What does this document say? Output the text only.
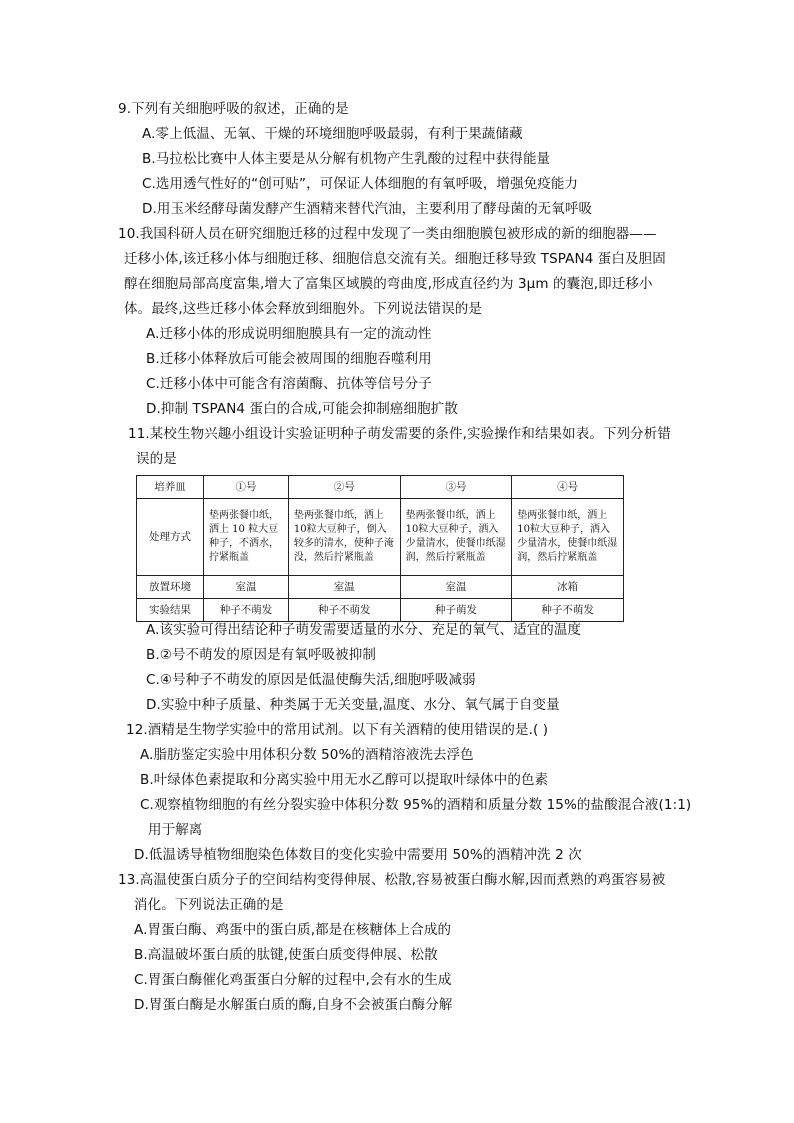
9.下列有关细胞呼吸的叙述，正确的是
A.零上低温、无氧、干燥的环境细胞呼吸最弱，有利于果蔬储藏
B.马拉松比赛中人体主要是从分解有机物产生乳酸的过程中获得能量
C.选用透气性好的“创可贴”，可保证人体细胞的有氧呼吸，增强免疫能力
D.用玉米经酵母菌发酵产生酒精来替代汽油，主要利用了酵母菌的无氧呼吸
10.我国科研人员在研究细胞迁移的过程中发现了一类由细胞膜包被形成的新的细胞器——
迁移小体,该迁移小体与细胞迁移、细胞信息交流有关。细胞迁移导致 TSPAN4 蛋白及胆固
醇在细胞局部高度富集,增大了富集区域膜的弯曲度,形成直径约为 3μm 的囊泡,即迁移小
体。最终,这些迁移小体会释放到细胞外。下列说法错误的是
A.迁移小体的形成说明细胞膜具有一定的流动性
B.迁移小体释放后可能会被周围的细胞吞噬利用
C.迁移小体中可能含有溶菌酶、抗体等信号分子
D.抑制 TSPAN4 蛋白的合成,可能会抑制癌细胞扩散
11.某校生物兴趣小组设计实验证明种子萌发需要的条件,实验操作和结果如表。下列分析错
误的是
培养皿	①号	②号	③号	④号
处理方式	垫两张餐巾纸，洒上 10 粒大豆种子，不洒水，拧紧瓶盖	垫两张餐巾纸，洒上10粒大豆种子，倒入较多的清水，使种子淹没，然后拧紧瓶盖	垫两张餐巾纸，洒上10粒大豆种子，洒入少量清水，使餐巾纸湿润，然后拧紧瓶盖	垫两张餐巾纸，洒上10粒大豆种子，洒入少量清水，使餐巾纸湿润，然后拧紧瓶盖
放置环境	室温	室温	室温	冰箱
实验结果	种子不萌发	种子不萌发	种子萌发	种子不萌发
A.该实验可得出结论种子萌发需要适量的水分、充足的氧气、适宜的温度
B.②号不萌发的原因是有氧呼吸被抑制
C.④号种子不萌发的原因是低温使酶失活,细胞呼吸减弱
D.实验中种子质量、种类属于无关变量,温度、水分、氧气属于自变量
12.酒精是生物学实验中的常用试剂。以下有关酒精的使用错误的是.( )
A.脂肪鉴定实验中用体积分数 50%的酒精溶液洗去浮色
B.叶绿体色素提取和分离实验中用无水乙醇可以提取叶绿体中的色素
C.观察植物细胞的有丝分裂实验中体积分数 95%的酒精和质量分数 15%的盐酸混合液(1:1)
用于解离
D.低温诱导植物细胞染色体数目的变化实验中需要用 50%的酒精冲洗 2 次
13.高温使蛋白质分子的空间结构变得伸展、松散,容易被蛋白酶水解,因而煮熟的鸡蛋容易被
消化。下列说法正确的是
A.胃蛋白酶、鸡蛋中的蛋白质,都是在核糖体上合成的
B.高温破坏蛋白质的肽键,使蛋白质变得伸展、松散
C.胃蛋白酶催化鸡蛋蛋白分解的过程中,会有水的生成
D.胃蛋白酶是水解蛋白质的酶,自身不会被蛋白酶分解
